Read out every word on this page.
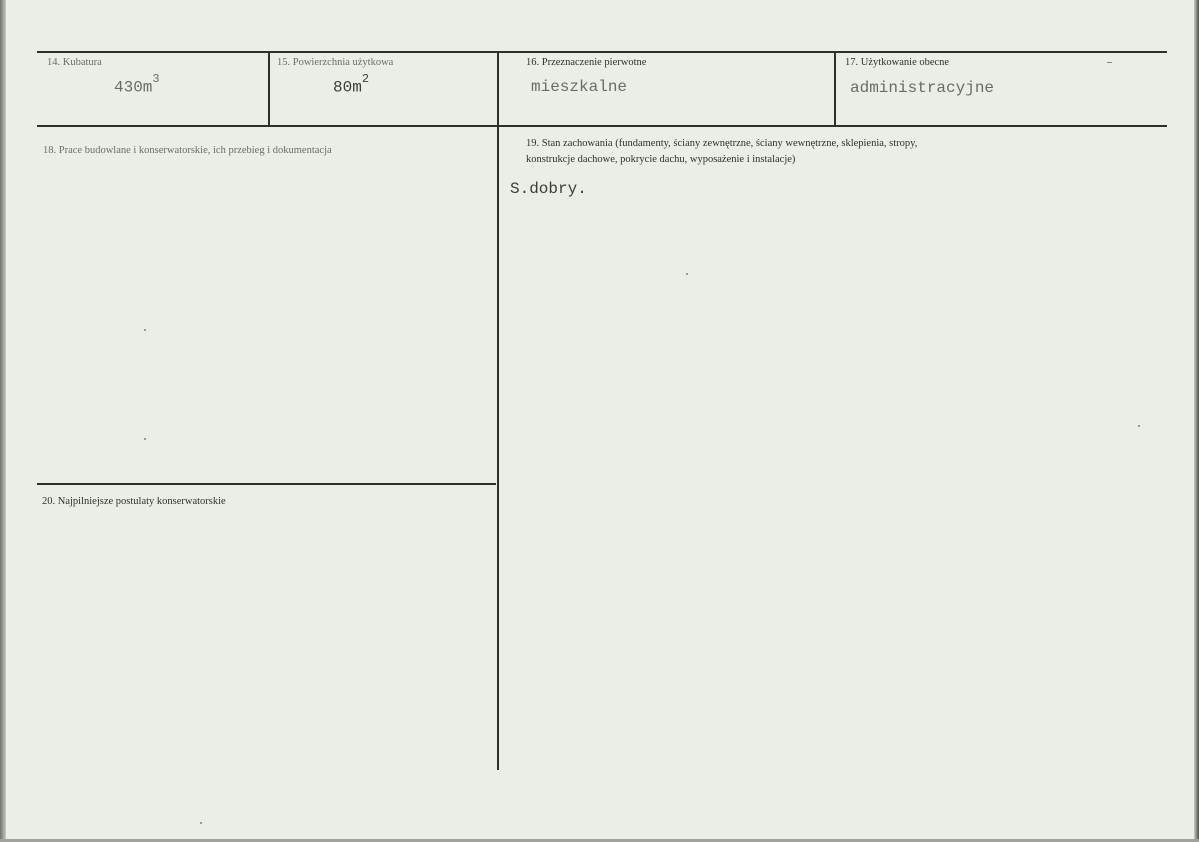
14. Kubatura
$430m^3$
15. Powierzchnia użytkowa
$80m^2$
16. Przeznaczenie pierwotne
mieszkalne
17. Użytkowanie obecne
administracyjne
18. Prace budowlane i konserwatorskie, ich przebieg i dokumentacja
19. Stan zachowania (fundamenty, ściany zewnętrzne, ściany wewnętrzne, sklepienia, stropy,
konstrukcje dachowe, pokrycie dachu, wyposażenie i instalacje)
S.dobry.
20. Najpilniejsze postulaty konserwatorskie
